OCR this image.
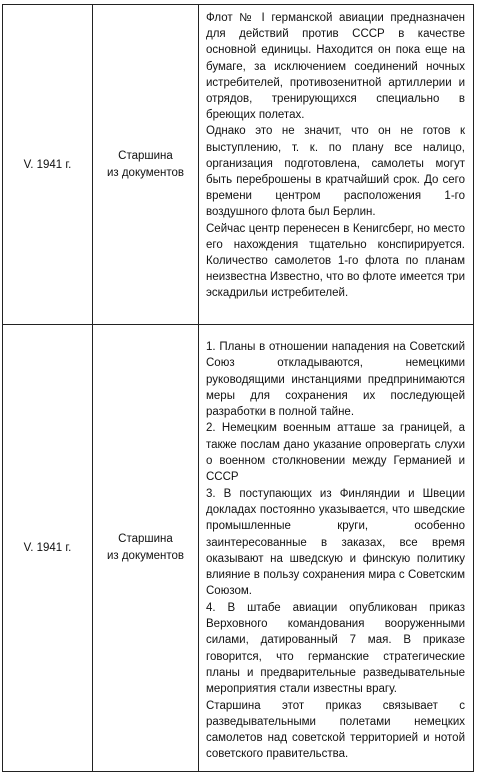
V. 1941 г.
Старшина
из документов

Флот № I германской авиации предназначен для действий против СССР в качестве основной единицы. Находится он пока еще на бумаге, за исключением соединений ночных истребителей, противозенитной артиллерии и отрядов, тренирующихся специально в брeющих полетах.

Однако это не значит, что он не готов к выступлению, т. к. по плану все налицо, организация подготовлена, самолеты могут быть переброшены в кратчайший срок. До сего времени центром расположения 1-го воздушного флота был Берлин.

Сейчас центр перенесен в Кенигсберг, но место его нахождения тщательно конспирируется. Количество самолетов 1-го флота по планам неизвестна Известно, что во флоте имеется три эскадрильи истребителей.

V. 1941 г.
Старшина
из документов

1. Планы в отношении нападения на Советский Союз откладываются, немецкими руководящими инстанциями предпринимаются меры для сохранения их последующей разработки в полной тайне.

2. Немецким военным атташе за границей, а также послам дано указание опровергать слухи о военном столкновении между Германией и СССР

3. В поступающих из Финляндии и Швеции докладах постоянно указывается, что шведские промышленные круги, особенно заинтересованные в заказах, все время оказывают на шведскую и финскую политику влияние в пользу сохранения мира с Советским Союзом.

4. В штабе авиации опубликован приказ Верховного командования вооруженными силами, датированный 7 мая. В приказе говорится, что германские стратегические планы и предварительные разведывательные мероприятия стали известны врагу.

Старшина этот приказ связывает с разведывательными полетами немецких самолетов над советской территорией и нотой советского правительства.
